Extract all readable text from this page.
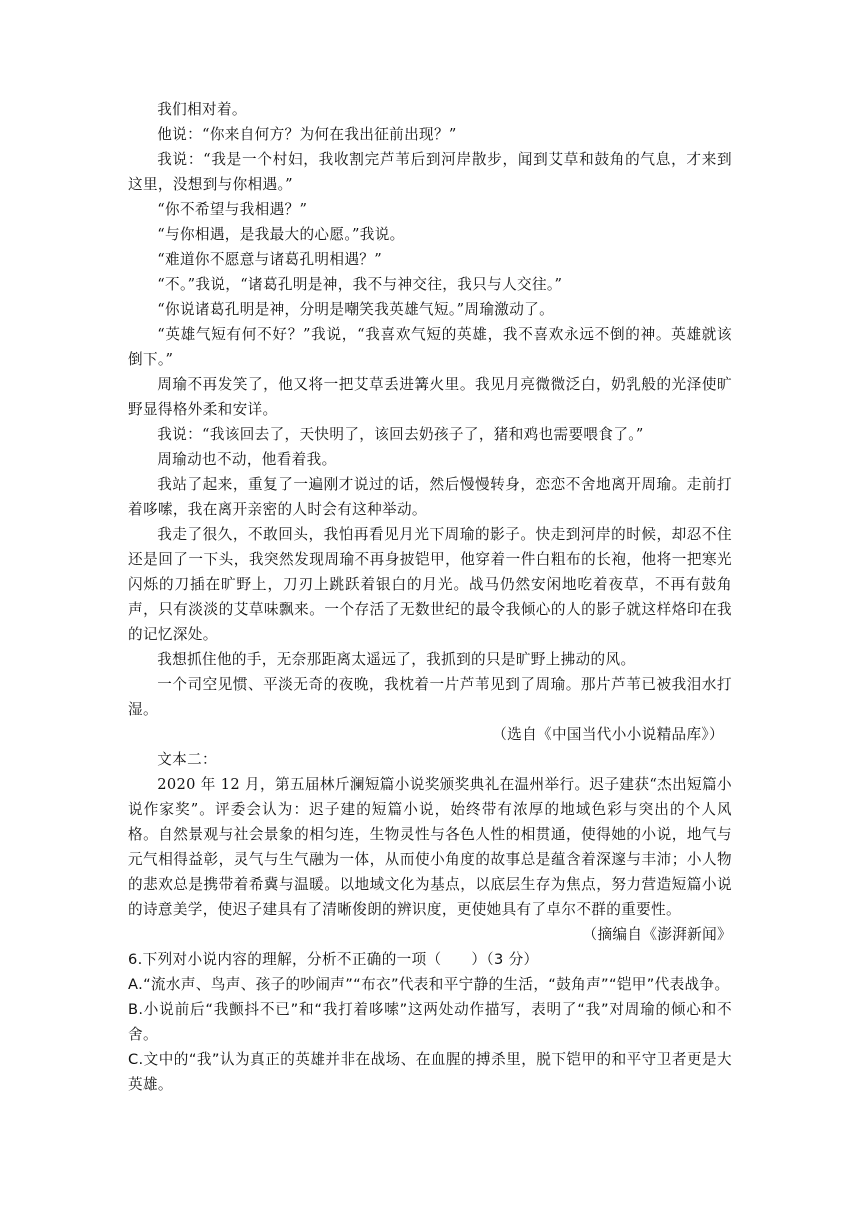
我们相对着。

他说：“你来自何方？为何在我出征前出现？”

我说：“我是一个村妇，我收割完芦苇后到河岸散步，闻到艾草和鼓角的气息，才来到这里，没想到与你相遇。”

“你不希望与我相遇？”

“与你相遇，是我最大的心愿。”我说。

“难道你不愿意与诸葛孔明相遇？”

“不。”我说，“诸葛孔明是神，我不与神交往，我只与人交往。”

“你说诸葛孔明是神，分明是嘲笑我英雄气短。”周瑜激动了。

“英雄气短有何不好？”我说，“我喜欢气短的英雄，我不喜欢永远不倒的神。英雄就该倒下。”

周瑜不再发笑了，他又将一把艾草丢进篝火里。我见月亮微微泛白，奶乳般的光泽使旷野显得格外柔和安详。

我说：“我该回去了，天快明了，该回去奶孩子了，猪和鸡也需要喂食了。”

周瑜动也不动，他看着我。

我站了起来，重复了一遍刚才说过的话，然后慢慢转身，恋恋不舍地离开周瑜。走前打着哆嗦，我在离开亲密的人时会有这种举动。

我走了很久，不敢回头，我怕再看见月光下周瑜的影子。快走到河岸的时候，却忍不住还是回了一下头，我突然发现周瑜不再身披铠甲，他穿着一件白粗布的长袍，他将一把寒光闪烁的刀插在旷野上，刀刃上跳跃着银白的月光。战马仍然安闲地吃着夜草，不再有鼓角声，只有淡淡的艾草味飘来。一个存活了无数世纪的最令我倾心的人的影子就这样烙印在我的记忆深处。

我想抓住他的手，无奈那距离太遥远了，我抓到的只是旷野上拂动的风。

一个司空见惯、平淡无奇的夜晚，我枕着一片芦苇见到了周瑜。那片芦苇已被我泪水打湿。

（选自《中国当代小小说精品库》）

文本二：

2020 年 12 月，第五届林斤澜短篇小说奖颁奖典礼在温州举行。迟子建获“杰出短篇小说作家奖”。评委会认为：迟子建的短篇小说，始终带有浓厚的地域色彩与突出的个人风格。自然景观与社会景象的相匀连，生物灵性与各色人性的相贯通，使得她的小说，地气与元气相得益彰，灵气与生气融为一体，从而使小角度的故事总是蕴含着深邃与丰沛；小人物的悲欢总是携带着希冀与温暖。以地域文化为基点，以底层生存为焦点，努力营造短篇小说的诗意美学，使迟子建具有了清晰俊朗的辨识度，更使她具有了卓尔不群的重要性。

（摘编自《澎湃新闻》

6.下列对小说内容的理解，分析不正确的一项（　　）（3 分）

A.“流水声、鸟声、孩子的吵闹声”“布衣”代表和平宁静的生活，“鼓角声”“铠甲”代表战争。

B.小说前后“我颤抖不已”和“我打着哆嗦”这两处动作描写，表明了“我”对周瑜的倾心和不舍。

C.文中的“我”认为真正的英雄并非在战场、在血腥的搏杀里，脱下铠甲的和平守卫者更是大英雄。
